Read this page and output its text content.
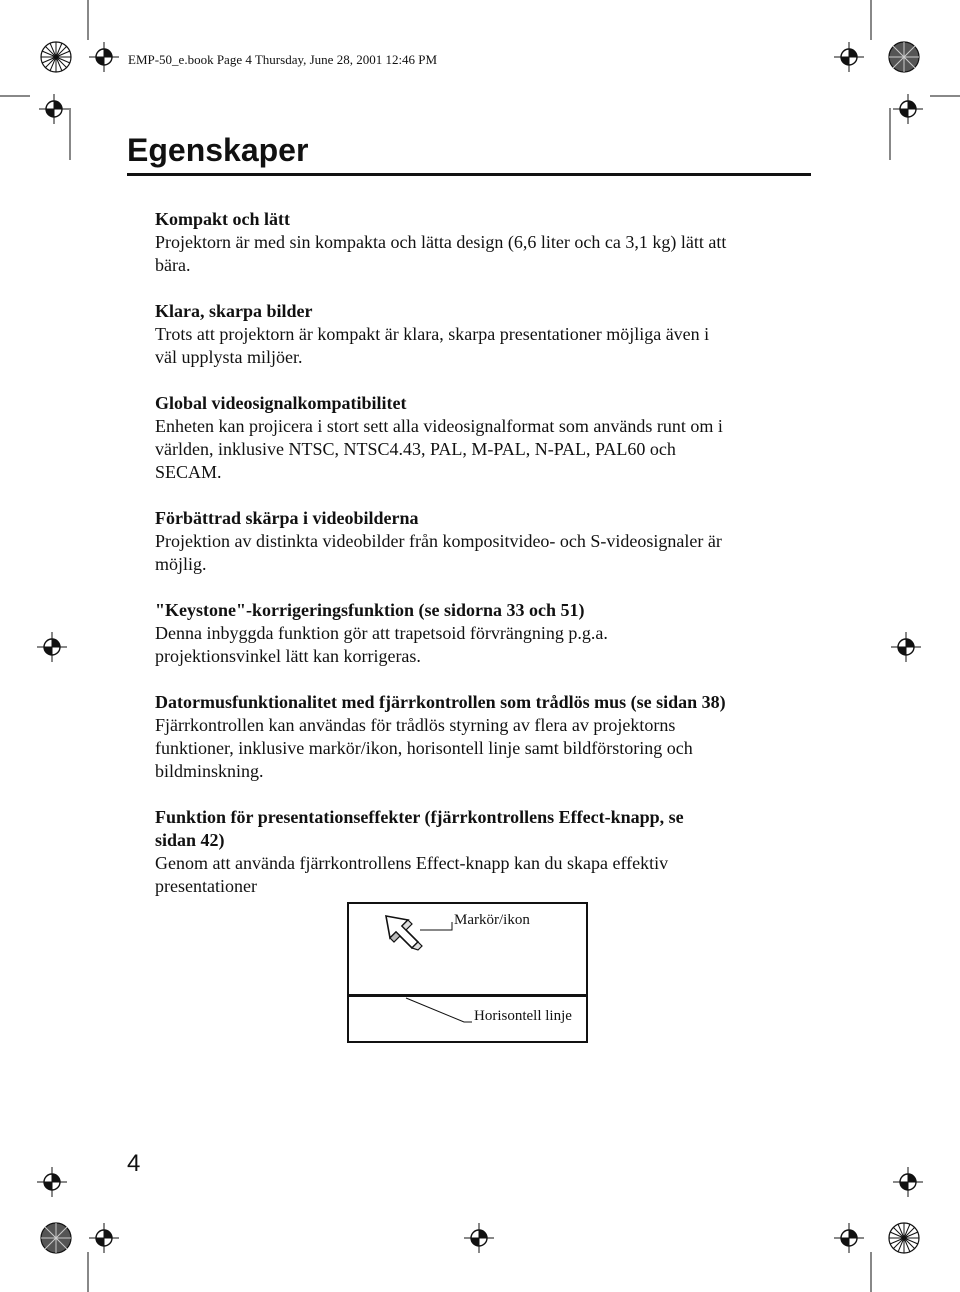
EMP-50_e.book Page 4 Thursday, June 28, 2001 12:46 PM
Egenskaper
Kompakt och lätt

Projektorn är med sin kompakta och lätta design (6,6 liter och ca 3,1 kg) lätt att

bära.

Klara, skarpa bilder

Trots att projektorn är kompakt är klara, skarpa presentationer möjliga även i

väl upplysta miljöer.

Global videosignalkompatibilitet

Enheten kan projicera i stort sett alla videosignalformat som används runt om i

världen, inklusive NTSC, NTSC4.43, PAL, M-PAL, N-PAL, PAL60 och

SECAM.

Förbättrad skärpa i videobilderna

Projektion av distinkta videobilder från kompositvideo- och S-videosignaler är

möjlig.

"Keystone"-korrigeringsfunktion (se sidorna 33 och 51)

Denna inbyggda funktion gör att trapetsoid förvrängning p.g.a.

projektionsvinkel lätt kan korrigeras.

Datormusfunktionalitet med fjärrkontrollen som trådlös mus (se sidan 38)

Fjärrkontrollen kan användas för trådlös styrning av flera av projektorns

funktioner, inklusive markör/ikon, horisontell linje samt bildförstoring och

bildminskning.

Funktion för presentationseffekter (fjärrkontrollens Effect-knapp, se
sidan 42)

Genom att använda fjärrkontrollens Effect-knapp kan du skapa effektiv

presentationer

Markör/ikon
Horisontell linje
4
